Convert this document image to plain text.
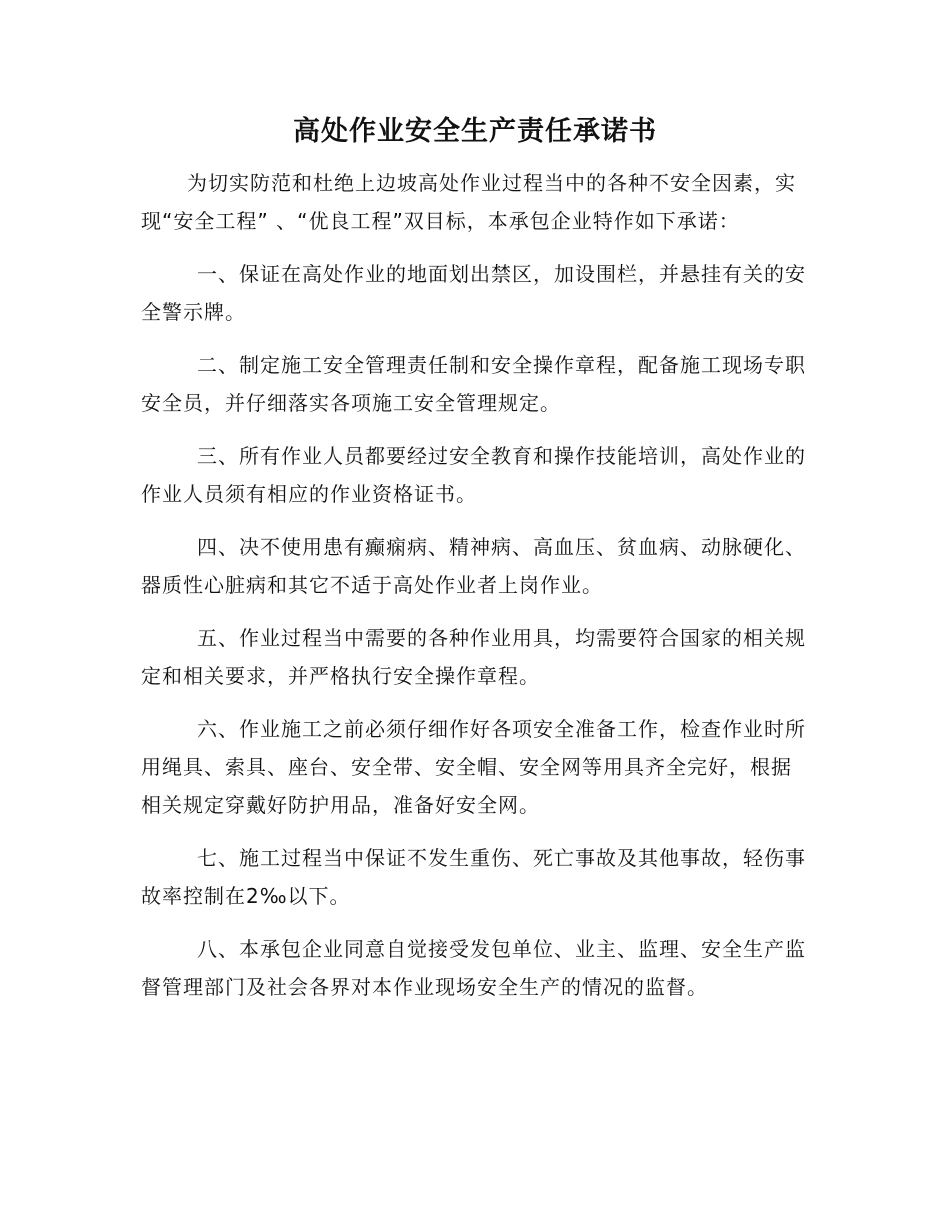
高处作业安全生产责任承诺书

为切实防范和杜绝上边坡高处作业过程当中的各种不安全因素，实现“安全工程” 、“优良工程”双目标，本承包企业特作如下承诺：

一、保证在高处作业的地面划出禁区，加设围栏，并悬挂有关的安全警示牌。

二、制定施工安全管理责任制和安全操作章程，配备施工现场专职安全员，并仔细落实各项施工安全管理规定。

三、所有作业人员都要经过安全教育和操作技能培训，高处作业的作业人员须有相应的作业资格证书。

四、决不使用患有癫痫病、精神病、高血压、贫血病、动脉硬化、器质性心脏病和其它不适于高处作业者上岗作业。

五、作业过程当中需要的各种作业用具，均需要符合国家的相关规定和相关要求，并严格执行安全操作章程。

六、作业施工之前必须仔细作好各项安全准备工作，检查作业时所用绳具、索具、座台、安全带、安全帽、安全网等用具齐全完好，根据相关规定穿戴好防护用品，准备好安全网。

七、施工过程当中保证不发生重伤、死亡事故及其他事故，轻伤事故率控制在2‰以下。

八、本承包企业同意自觉接受发包单位、业主、监理、安全生产监督管理部门及社会各界对本作业现场安全生产的情况的监督。
